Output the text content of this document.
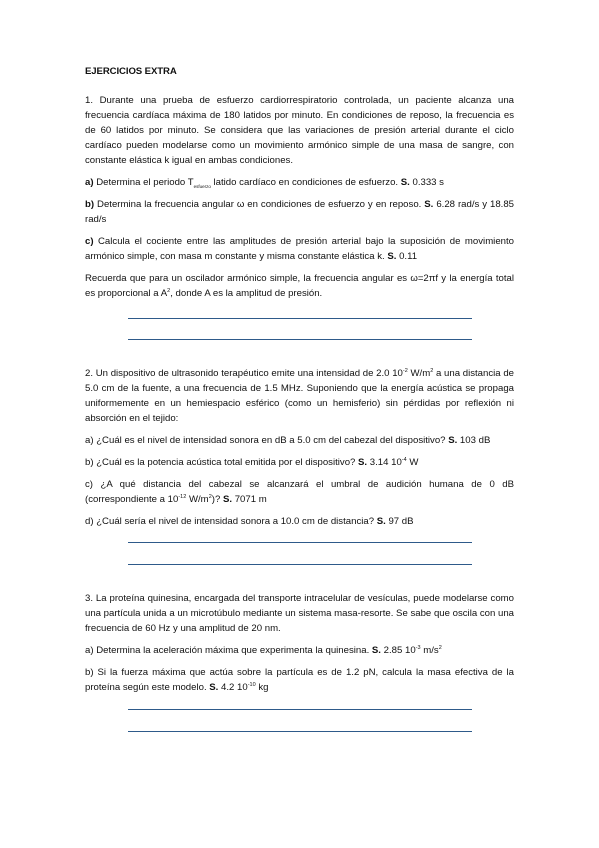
EJERCICIOS EXTRA

1. Durante una prueba de esfuerzo cardiorrespiratorio controlada, un paciente alcanza una frecuencia cardíaca máxima de 180 latidos por minuto. En condiciones de reposo, la frecuencia es de 60 latidos por minuto. Se considera que las variaciones de presión arterial durante el ciclo cardíaco pueden modelarse como un movimiento armónico simple de una masa de sangre, con constante elástica k igual en ambas condiciones.

a) Determina el periodo $T_{esfuerzo}$ latido cardíaco en condiciones de esfuerzo. S. 0.333 s

b) Determina la frecuencia angular ω en condiciones de esfuerzo y en reposo. S. 6.28 rad/s y 18.85 rad/s

c) Calcula el cociente entre las amplitudes de presión arterial bajo la suposición de movimiento armónico simple, con masa m constante y misma constante elástica k. S. 0.11

Recuerda que para un oscilador armónico simple, la frecuencia angular es ω=2πf y la energía total es proporcional a $A^2$, donde A es la amplitud de presión.

2. Un dispositivo de ultrasonido terapéutico emite una intensidad de 2.0 $10^{-2}$ $W/m^2$ a una distancia de 5.0 cm de la fuente, a una frecuencia de 1.5 MHz. Suponiendo que la energía acústica se propaga uniformemente en un hemiespacio esférico (como un hemisferio) sin pérdidas por reflexión ni absorción en el tejido:

a) ¿Cuál es el nivel de intensidad sonora en dB a 5.0 cm del cabezal del dispositivo? S. 103 dB

b) ¿Cuál es la potencia acústica total emitida por el dispositivo? S. 3.14 $10^{-4}$ W

c) ¿A qué distancia del cabezal se alcanzará el umbral de audición humana de 0 dB (correspondiente a $10^{-12}$ $W/m^2$)? S. 7071 m

d) ¿Cuál sería el nivel de intensidad sonora a 10.0 cm de distancia? S. 97 dB

3. La proteína quinesina, encargada del transporte intracelular de vesículas, puede modelarse como una partícula unida a un microtúbulo mediante un sistema masa-resorte. Se sabe que oscila con una frecuencia de 60 Hz y una amplitud de 20 nm.

a) Determina la aceleración máxima que experimenta la quinesina. S. 2.85 $10^{-3}$ $m/s^2$

b) Si la fuerza máxima que actúa sobre la partícula es de 1.2 pN, calcula la masa efectiva de la proteína según este modelo. S. 4.2 $10^{-10}$ kg
